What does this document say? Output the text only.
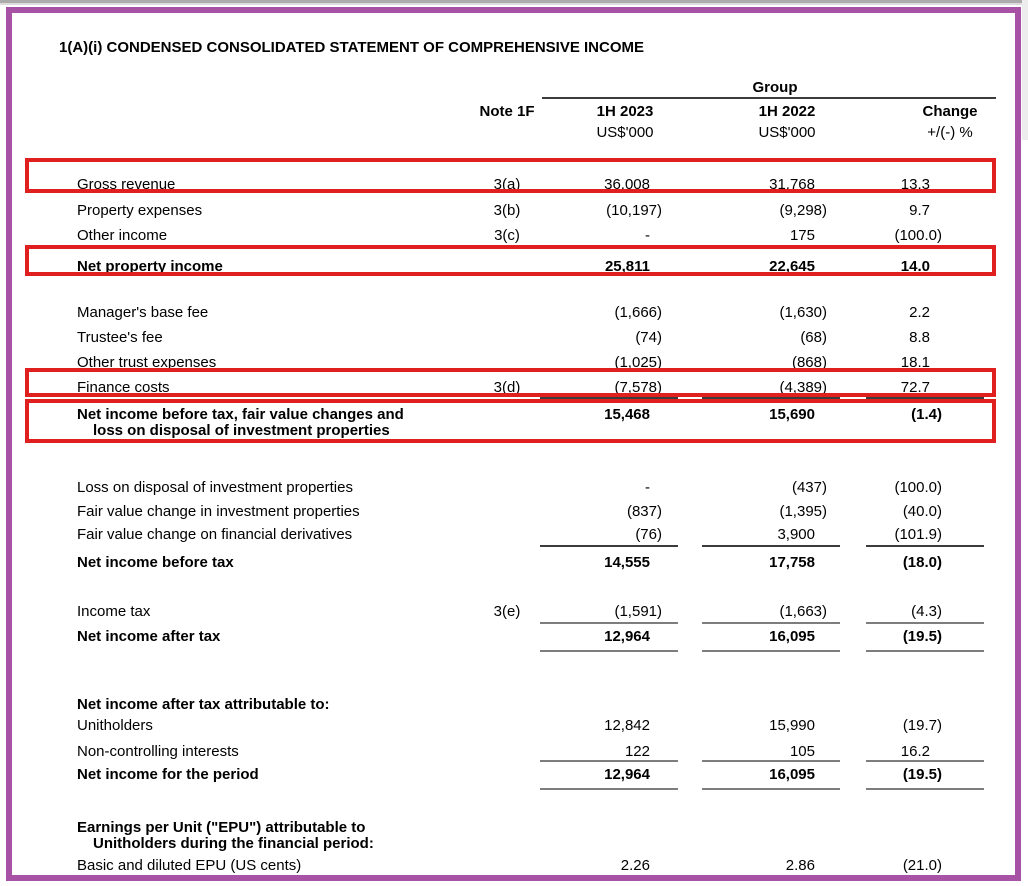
1(A)(i) CONDENSED CONSOLIDATED STATEMENT OF COMPREHENSIVE INCOME
Group
Note 1F	1H 2023	1H 2022	Change
US$'000	US$'000	+/(-) %
Gross revenue	3(a)	36,008	31,768	13.3
Property expenses	3(b)	(10,197)	(9,298)	9.7
Other income	3(c)	-	175	(100.0)
Net property income	25,811	22,645	14.0
Manager's base fee	(1,666)	(1,630)	2.2
Trustee's fee	(74)	(68)	8.8
Other trust expenses	(1,025)	(868)	18.1
Finance costs	3(d)	(7,578)	(4,389)	72.7
Net income before tax, fair value changes and
loss on disposal of investment properties
15,468	15,690	(1.4)
Loss on disposal of investment properties	-	(437)	(100.0)
Fair value change in investment properties	(837)	(1,395)	(40.0)
Fair value change on financial derivatives	(76)	3,900	(101.9)
Net income before tax	14,555	17,758	(18.0)
Income tax	3(e)	(1,591)	(1,663)	(4.3)
Net income after tax	12,964	16,095	(19.5)
Net income after tax attributable to:
Unitholders	12,842	15,990	(19.7)
Non-controlling interests	122	105	16.2
Net income for the period	12,964	16,095	(19.5)
Earnings per Unit ("EPU") attributable to
Unitholders during the financial period:
Basic and diluted EPU (US cents)	2.26	2.86	(21.0)
